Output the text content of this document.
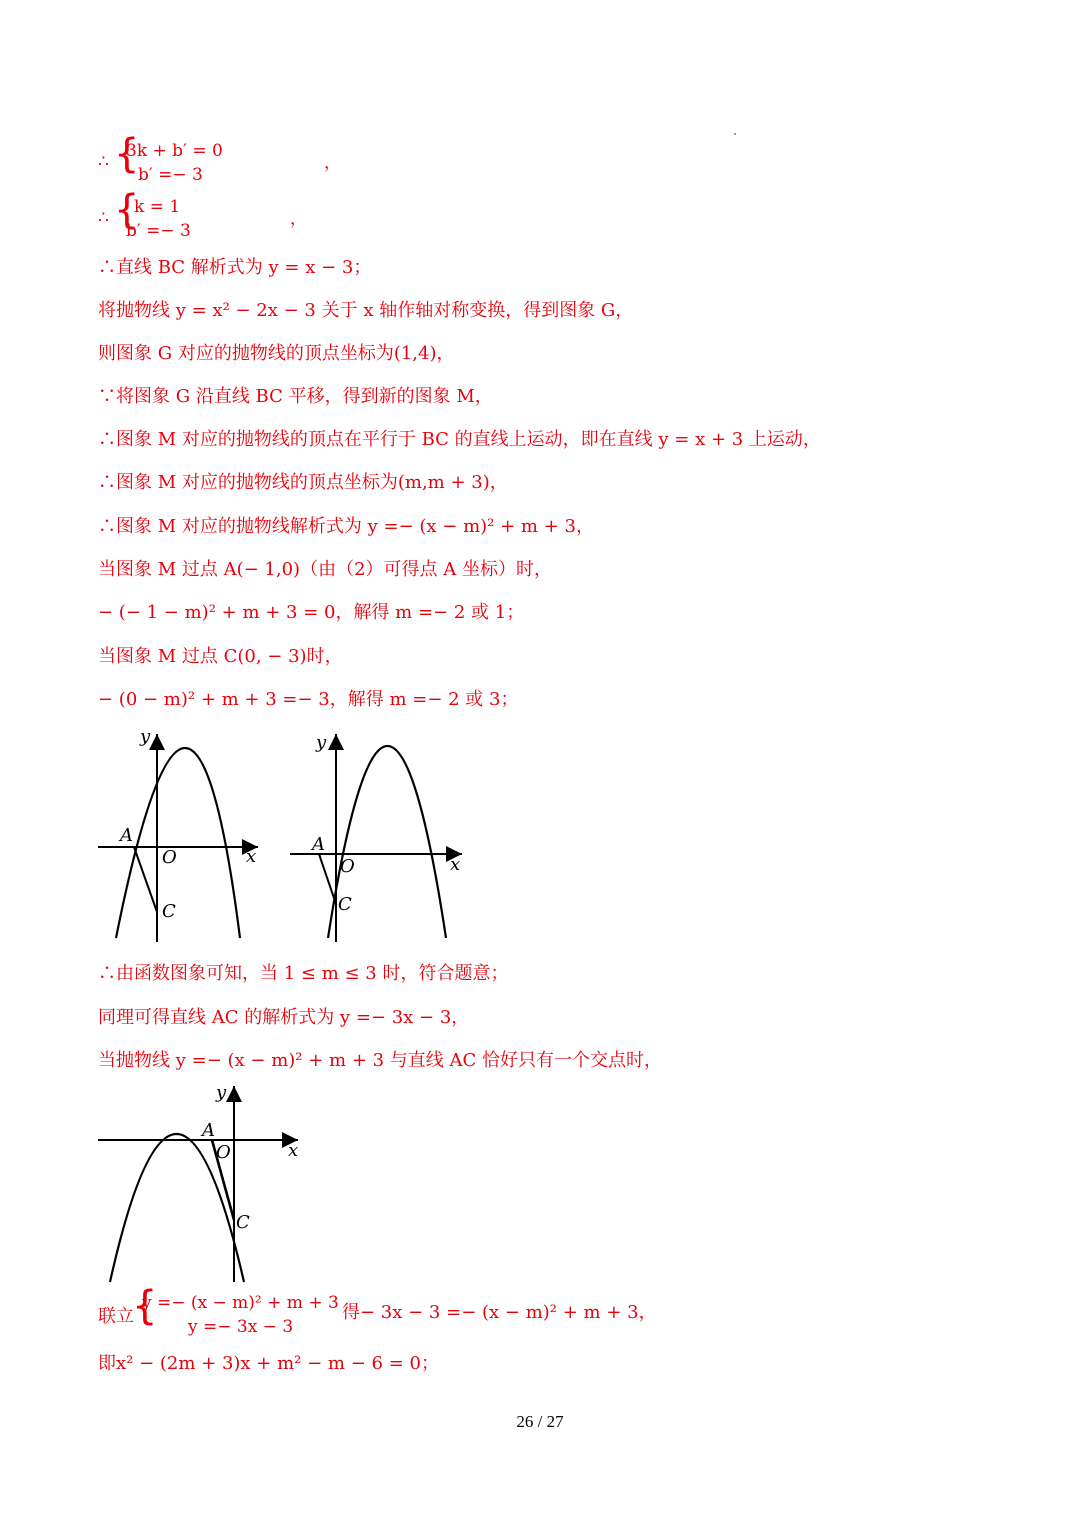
∴ {
3k + b′ = 0
b′ =− 3
，
∴ {
k = 1
b′ =− 3
，
∴直线 BC 解析式为 y = x − 3；
将抛物线 y = x² − 2x − 3 关于 x 轴作轴对称变换，得到图象 G，
则图象 G 对应的抛物线的顶点坐标为(1,4)，
∵将图象 G 沿直线 BC 平移，得到新的图象 M，
∴图象 M 对应的抛物线的顶点在平行于 BC 的直线上运动，即在直线 y = x + 3 上运动，
∴图象 M 对应的抛物线的顶点坐标为(m,m + 3)，
∴图象 M 对应的抛物线解析式为 y =− (x − m)² + m + 3，
当图象 M 过点 A(− 1,0)（由（2）可得点 A 坐标）时，
− (− 1 − m)² + m + 3 = 0，解得 m =− 2 或 1；
当图象 M 过点 C(0, − 3)时，
− (0 − m)² + m + 3 =− 3，解得 m =− 2 或 3；
y
x
O
A
C
y
x
O
A
C
∴由函数图象可知，当 1 ≤ m ≤ 3 时，符合题意；
同理可得直线 AC 的解析式为 y =− 3x − 3，
当抛物线 y =− (x − m)² + m + 3 与直线 AC 恰好只有一个交点时，
y
x
O
A
C
联立
{
y =− (x − m)² + m + 3
y =− 3x − 3
得− 3x − 3 =− (x − m)² + m + 3，
即x² − (2m + 3)x + m² − m − 6 = 0；
26 / 27
